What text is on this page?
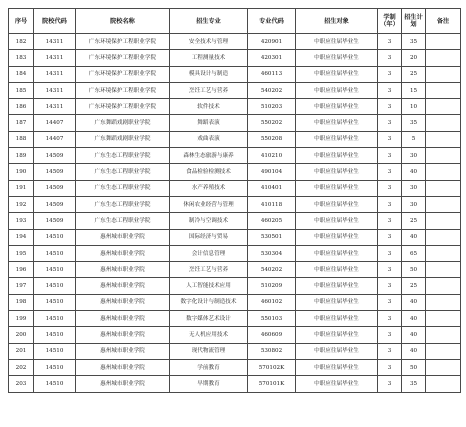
序号	院校代码	院校名称	招生专业	专业代码	招生对象	学制（年）	招生计划	备注
182	14311	广东环境保护工程职业学院	安全技术与管理	420901	中职应往届毕业生	3	35	
183	14311	广东环境保护工程职业学院	工程测量技术	420301	中职应往届毕业生	3	20	
184	14311	广东环境保护工程职业学院	模具设计与制造	460113	中职应往届毕业生	3	25	
185	14311	广东环境保护工程职业学院	烹饪工艺与营养	540202	中职应往届毕业生	3	15	
186	14311	广东环境保护工程职业学院	软件技术	510203	中职应往届毕业生	3	10	
187	14407	广东舞蹈戏剧职业学院	舞蹈表演	550202	中职应往届毕业生	3	35	
188	14407	广东舞蹈戏剧职业学院	戏曲表演	550208	中职应往届毕业生	3	5	
189	14509	广东生态工程职业学院	森林生态旅游与康养	410210	中职应往届毕业生	3	30	
190	14509	广东生态工程职业学院	食品检验检测技术	490104	中职应往届毕业生	3	40	
191	14509	广东生态工程职业学院	水产养殖技术	410401	中职应往届毕业生	3	30	
192	14509	广东生态工程职业学院	休闲农业经营与管理	410118	中职应往届毕业生	3	30	
193	14509	广东生态工程职业学院	制冷与空调技术	460205	中职应往届毕业生	3	25	
194	14510	惠州城市职业学院	国际经济与贸易	530501	中职应往届毕业生	3	40	
195	14510	惠州城市职业学院	会计信息管理	530304	中职应往届毕业生	3	65	
196	14510	惠州城市职业学院	烹饪工艺与营养	540202	中职应往届毕业生	3	50	
197	14510	惠州城市职业学院	人工智能技术应用	510209	中职应往届毕业生	3	25	
198	14510	惠州城市职业学院	数字化设计与制造技术	460102	中职应往届毕业生	3	40	
199	14510	惠州城市职业学院	数字媒体艺术设计	550103	中职应往届毕业生	3	40	
200	14510	惠州城市职业学院	无人机应用技术	460609	中职应往届毕业生	3	40	
201	14510	惠州城市职业学院	现代物流管理	530802	中职应往届毕业生	3	40	
202	14510	惠州城市职业学院	学前教育	570102K	中职应往届毕业生	3	50	
203	14510	惠州城市职业学院	早期教育	570101K	中职应往届毕业生	3	35	
